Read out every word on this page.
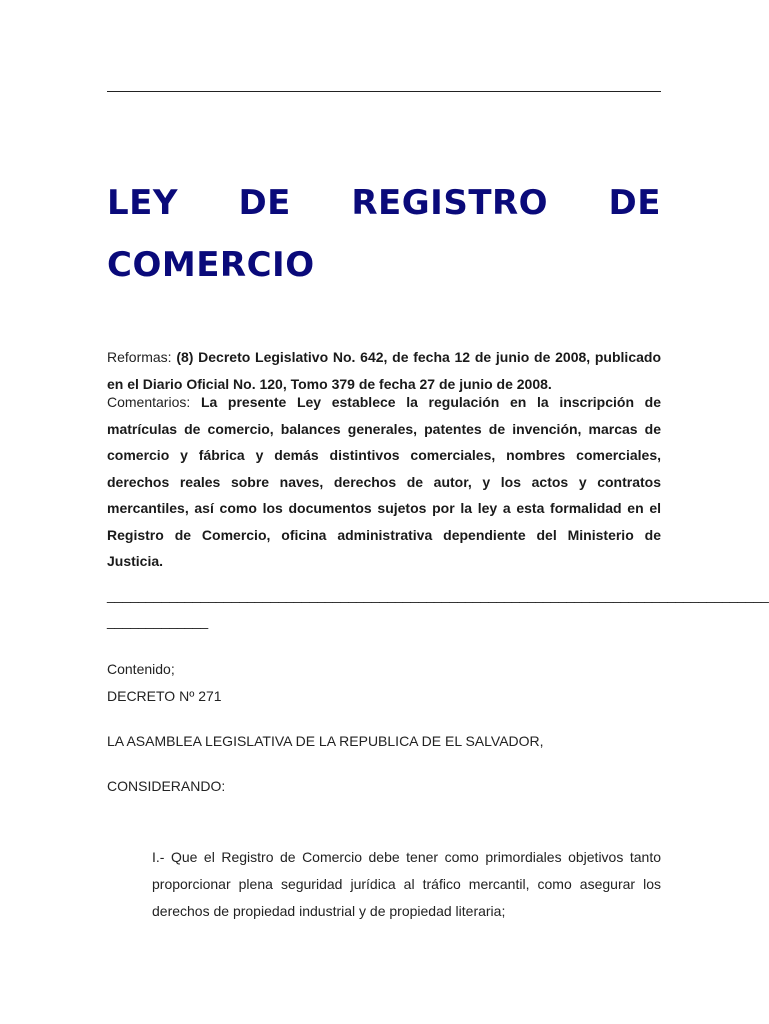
LEY DE REGISTRO DE
COMERCIO
Reformas: (8) Decreto Legislativo No. 642, de fecha 12 de junio de 2008, publicado en el Diario Oficial No. 120, Tomo 379 de fecha 27 de junio de 2008.
Comentarios: La presente Ley establece la regulación en la inscripción de matrículas de comercio, balances generales, patentes de invención, marcas de comercio y fábrica y demás distintivos comerciales, nombres comerciales, derechos reales sobre naves, derechos de autor, y los actos y contratos mercantiles, así como los documentos sujetos por la ley a esta formalidad en el Registro de Comercio, oficina administrativa dependiente del Ministerio de Justicia.
_____________________________________________________________________________________
_____________
Contenido;
DECRETO Nº 271
LA ASAMBLEA LEGISLATIVA DE LA REPUBLICA DE EL SALVADOR,
CONSIDERANDO:
I.- Que el Registro de Comercio debe tener como primordiales objetivos tanto proporcionar plena seguridad jurídica al tráfico mercantil, como asegurar los derechos de propiedad industrial y de propiedad literaria;
